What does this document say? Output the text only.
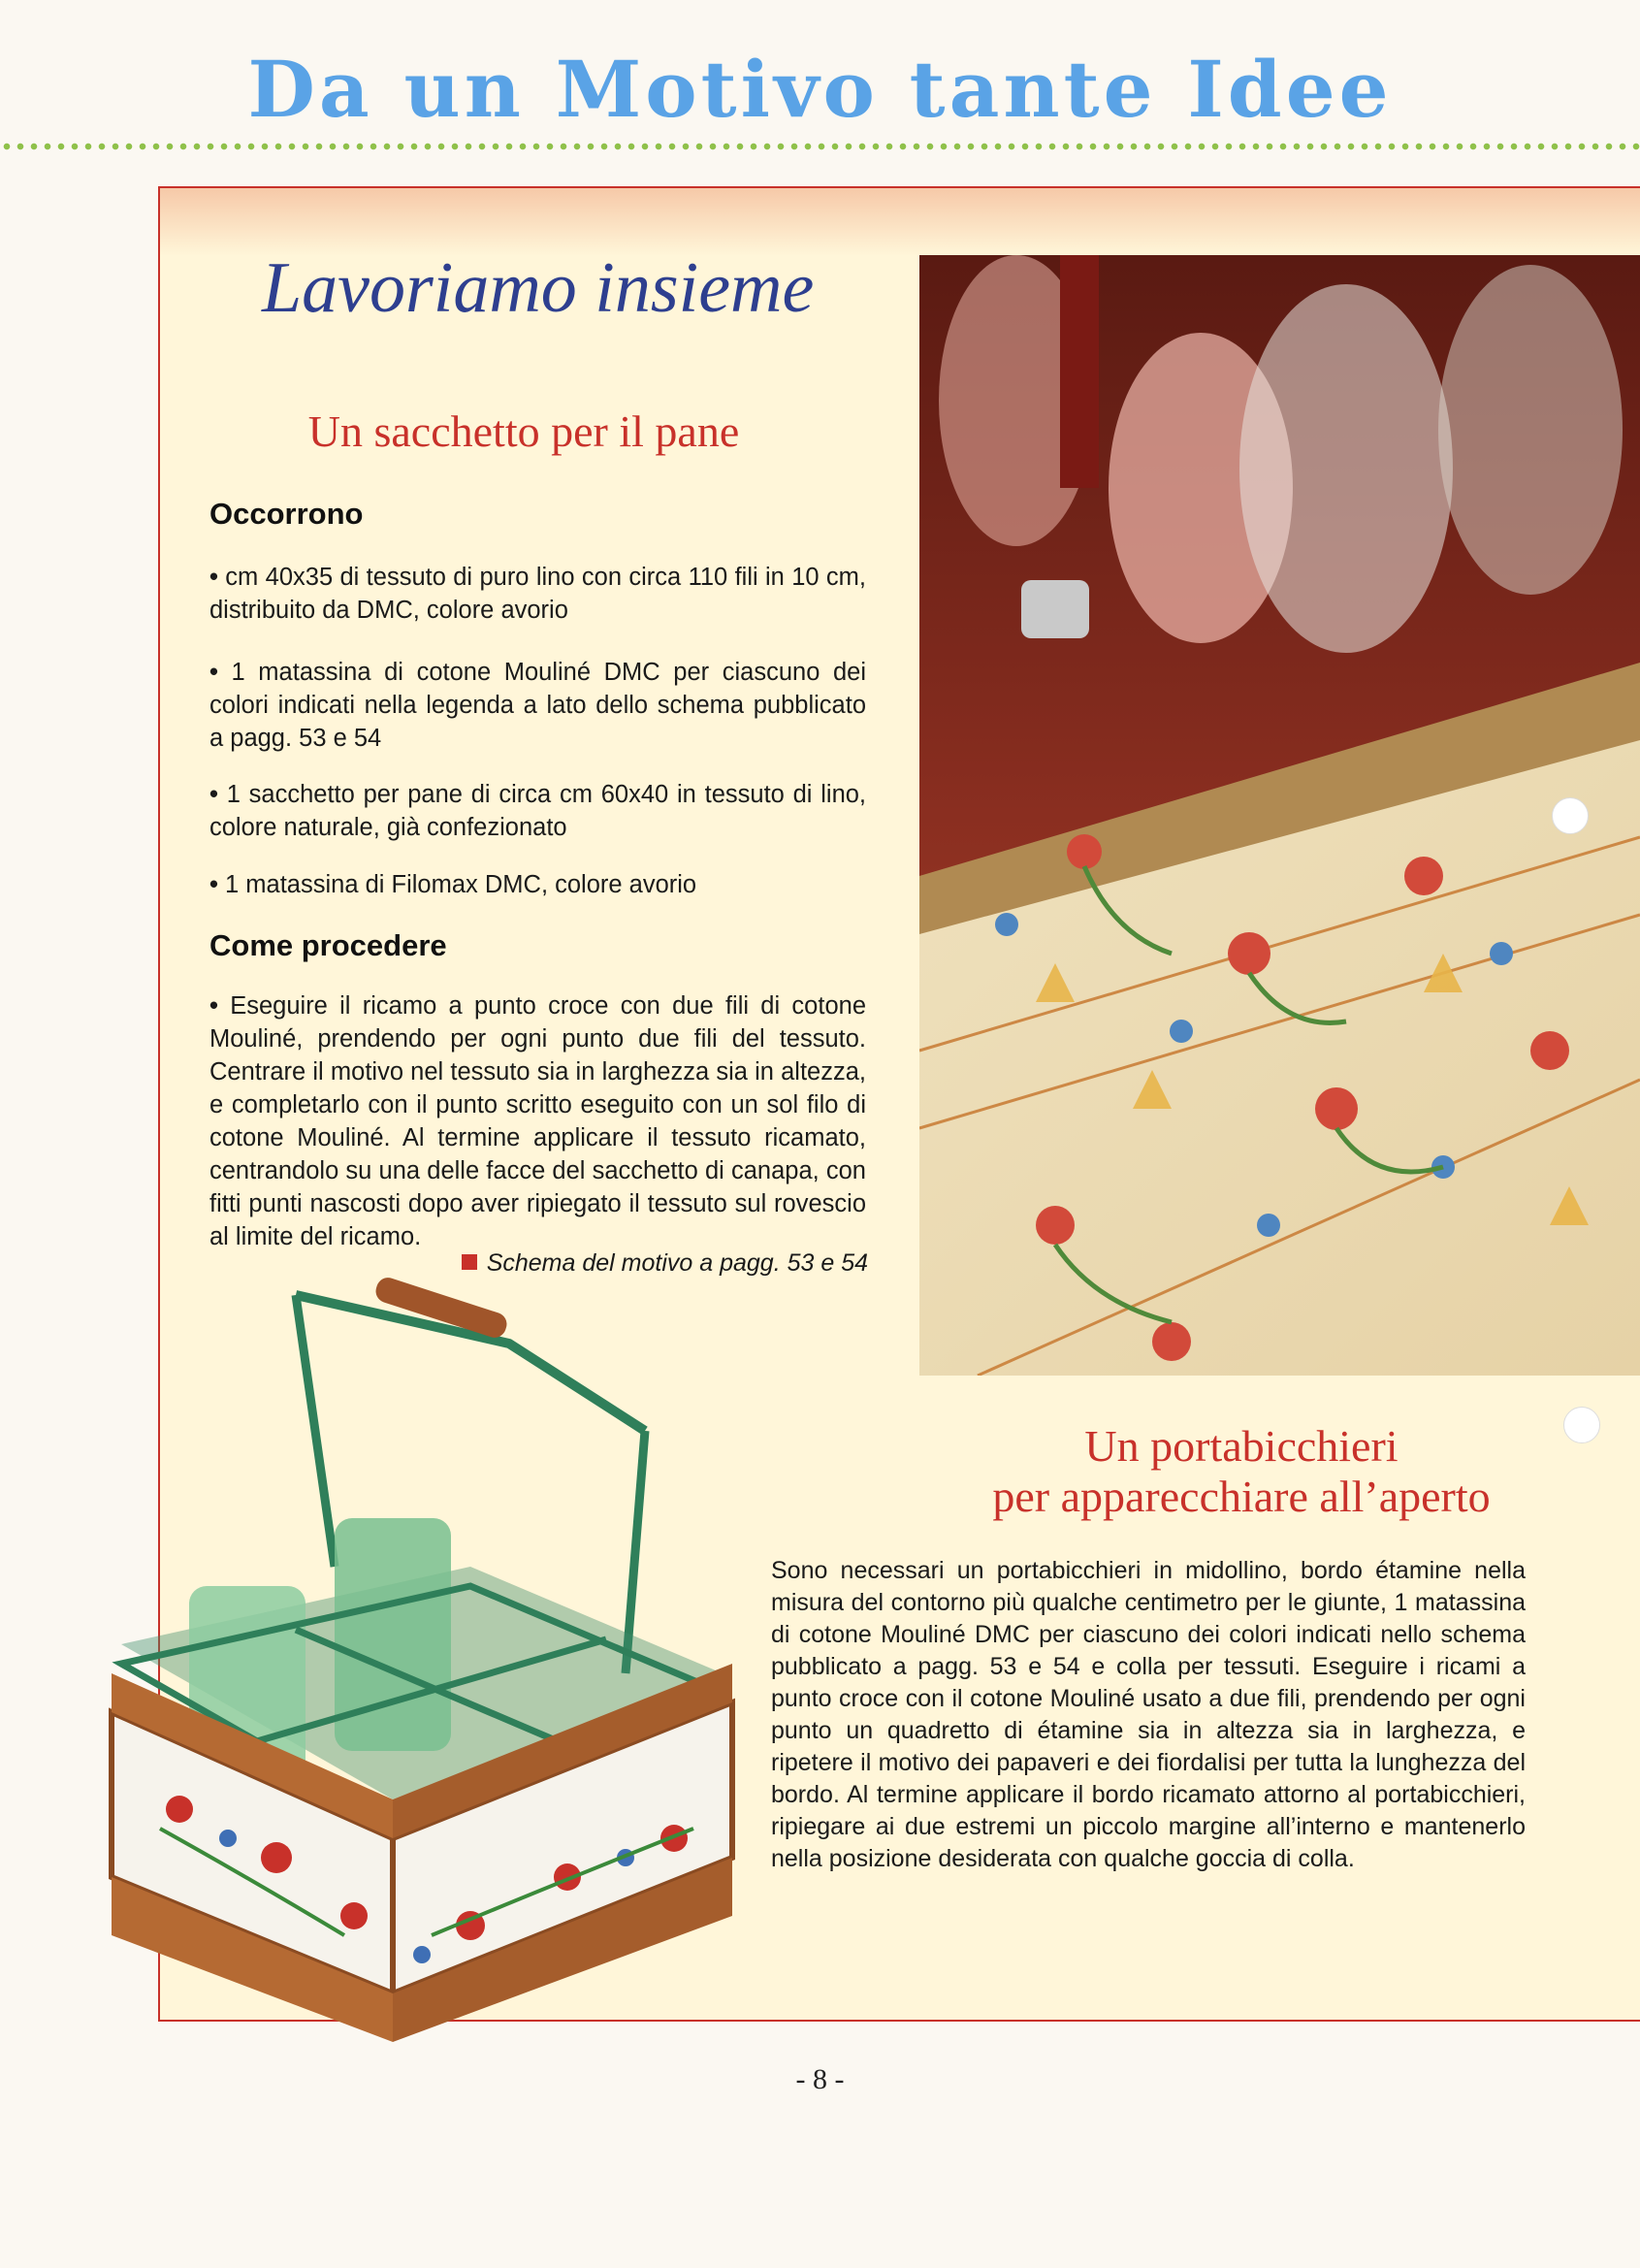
Da un Motivo tante Idee
Lavoriamo insieme
Un sacchetto per il pane
Occorrono
• cm 40x35 di tessuto di puro lino con circa 110 fili in 10 cm, distribuito da DMC, colore avorio
• 1 matassina di cotone Mouliné DMC per ciascuno dei colori indicati nella legenda a lato dello schema pubblicato a pagg. 53 e 54
• 1 sacchetto per pane di circa cm 60x40 in tessuto di lino, colore naturale, già confezionato
• 1 matassina di Filomax DMC, colore avorio
Come procedere
• Eseguire il ricamo a punto croce con due fili di cotone Mouliné, prendendo per ogni punto due fili del tessuto. Centrare il motivo nel tessuto sia in larghezza sia in altezza, e completarlo con il punto scritto eseguito con un sol filo di cotone Mouliné. Al termine applicare il tessuto ricamato, centrandolo su una delle facce del sacchetto di canapa, con fitti punti nascosti dopo aver ripiegato il tessuto sul rovescio al limite del ricamo.
Schema del motivo a pagg. 53 e 54
Un portabicchieri
per apparecchiare all’aperto
Sono necessari un portabicchieri in midollino, bordo étamine nella misura del contorno più qualche centimetro per le giunte, 1 matassina di cotone Mouliné DMC per ciascuno dei colori indicati nello schema pubblicato a pagg. 53 e 54 e colla per tessuti. Eseguire i ricami a punto croce con il cotone Mouliné usato a due fili, prendendo per ogni punto un quadretto di étamine sia in altezza sia in larghezza, e ripetere il motivo dei papaveri e dei fiordalisi per tutta la lunghezza del bordo. Al termine applicare il bordo ricamato attorno al portabicchieri, ripiegare ai due estremi un piccolo margine all’interno e mantenerlo nella posizione desiderata con qualche goccia di colla.
- 8 -
